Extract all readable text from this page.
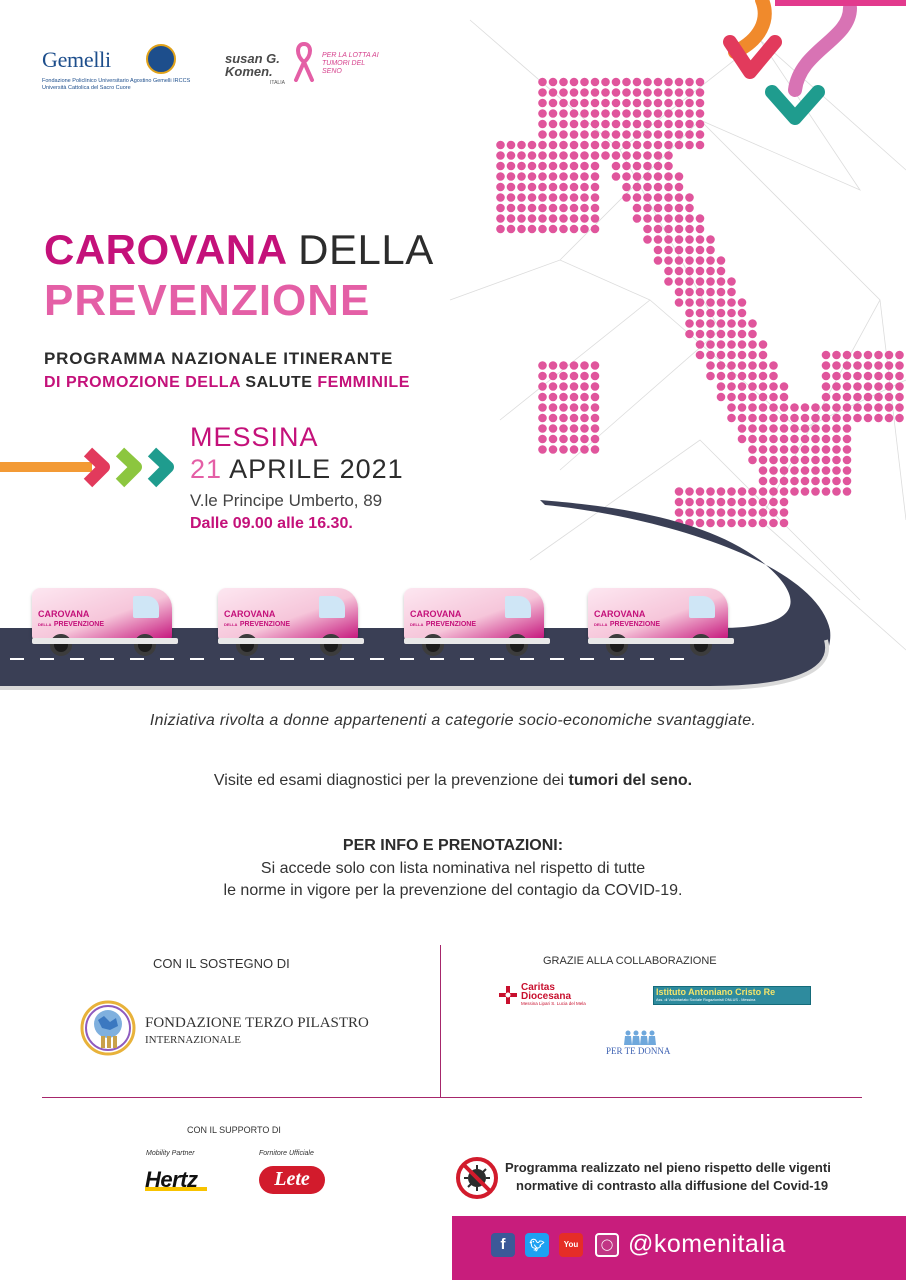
CAROVANA
DELLA PREVENZIONE
CAROVANA
DELLA PREVENZIONE
CAROVANA
DELLA PREVENZIONE
CAROVANA
DELLA PREVENZIONE
Gemelli
Fondazione Policlinico Universitario Agostino Gemelli IRCCS
Università Cattolica del Sacro Cuore
susan G.
Komen.
ITALIA
PER LA LOTTA AI TUMORI DEL SENO
CAROVANA DELLA
PREVENZIONE
PROGRAMMA NAZIONALE ITINERANTE
DI PROMOZIONE DELLA SALUTE FEMMINILE
MESSINA
21 APRILE 2021
V.le Principe Umberto, 89
Dalle 09.00 alle 16.30.
Iniziativa rivolta a donne appartenenti a categorie socio-economiche svantaggiate.
Visite ed esami diagnostici per la prevenzione dei tumori del seno.
PER INFO E PRENOTAZIONI:
Si accede solo con lista nominativa nel rispetto di tutte
le norme in vigore per la prevenzione del contagio da COVID-19.
CON IL SOSTEGNO DI
FONDAZIONE TERZO PILASTRO
INTERNAZIONALE
GRAZIE ALLA COLLABORAZIONE
Caritas
Diocesana
Messina Lipari S. Lucia del Mela
Istituto Antoniano Cristo Re
Ass. di Volontariato Sociale Rogazionisti ONLUS - Messina
PER TE DONNA
CON IL SUPPORTO DI
Mobility Partner	Fornitore Ufficiale
Hertz	Lete
Programma realizzato nel pieno rispetto delle vigenti
normative di contrasto alla diffusione del Covid-19
f	🐦︎	You	◯ @komenitalia
